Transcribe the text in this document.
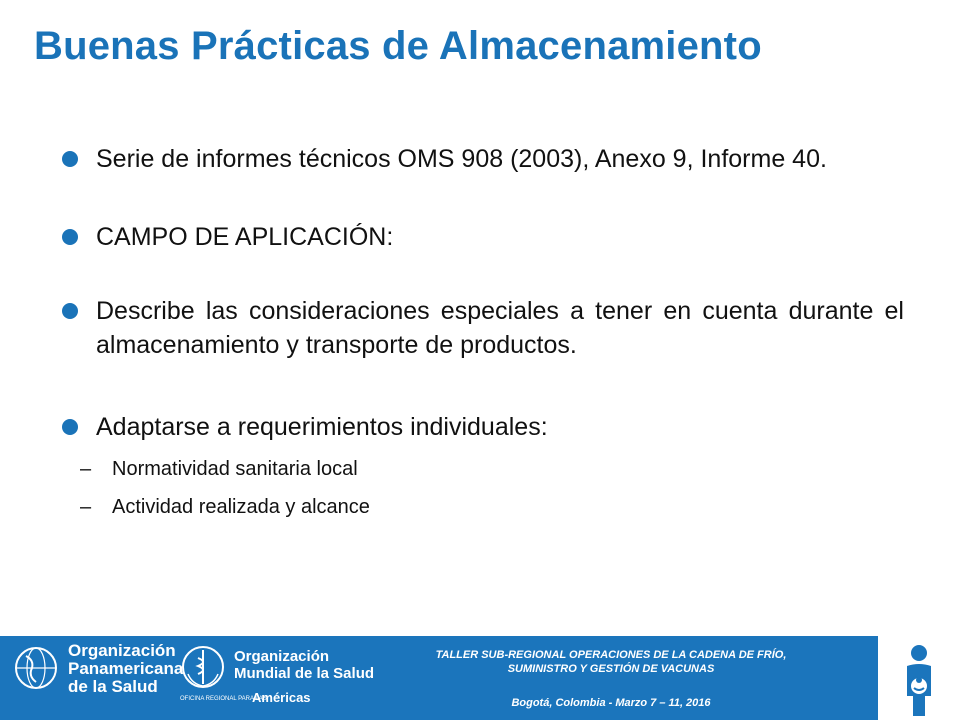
Buenas Prácticas de Almacenamiento
Serie de informes técnicos OMS 908 (2003), Anexo 9, Informe 40.
CAMPO DE APLICACIÓN:
Describe las consideraciones especiales a tener en cuenta durante el almacenamiento y transporte de productos.
Adaptarse a requerimientos individuales:
– Normatividad sanitaria local
– Actividad realizada y alcance
Organización
Panamericana
de la Salud
Organización
Mundial de la Salud
OFICINA REGIONAL PARA LAS
Américas
TALLER SUB-REGIONAL OPERACIONES DE LA CADENA DE FRÍO,
SUMINISTRO Y GESTIÓN DE VACUNAS
Bogotá, Colombia - Marzo 7 – 11, 2016
